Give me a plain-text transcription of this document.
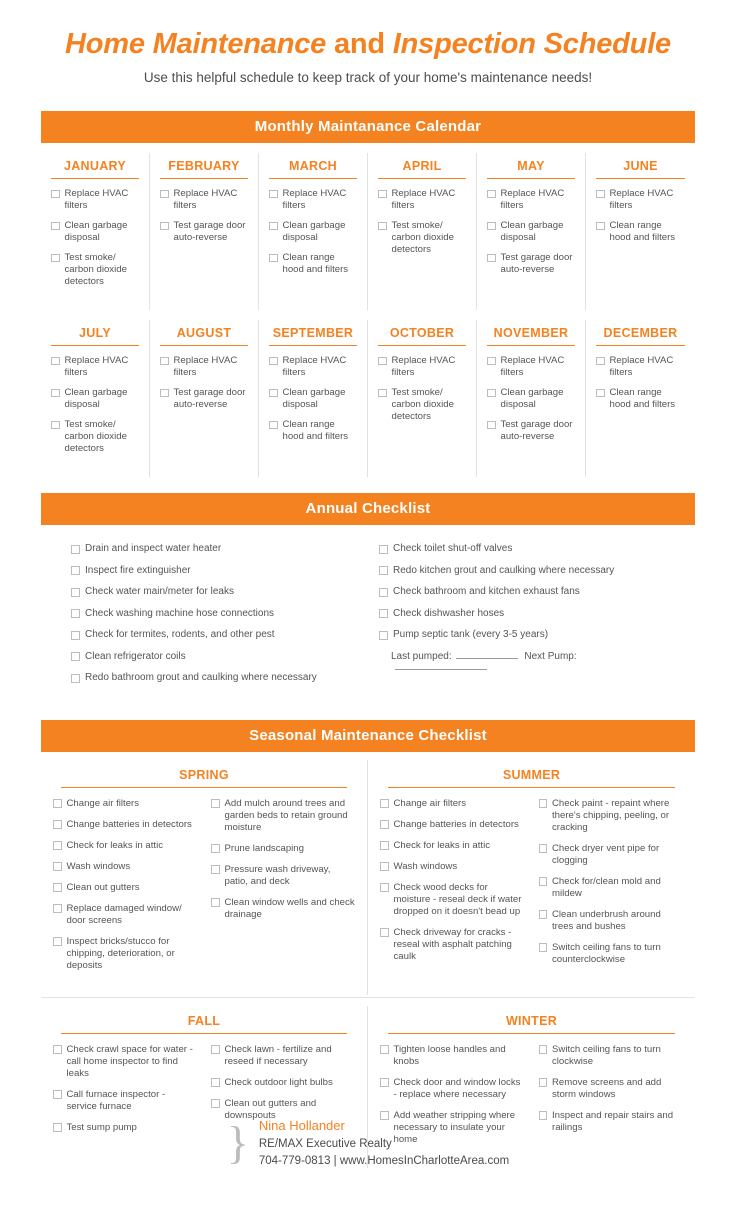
Home Maintenance and Inspection Schedule
Use this helpful schedule to keep track of your home's maintenance needs!
Monthly Maintanance Calendar
JANUARY
Replace HVAC filters
Clean garbage disposal
Test smoke/ carbon dioxide detectors
FEBRUARY
Replace HVAC filters
Test garage door auto-reverse
MARCH
Replace HVAC filters
Clean garbage disposal
Clean range hood and filters
APRIL
Replace HVAC filters
Test smoke/ carbon dioxide detectors
MAY
Replace HVAC filters
Clean garbage disposal
Test garage door auto-reverse
JUNE
Replace HVAC filters
Clean range hood and filters
JULY
Replace HVAC filters
Clean garbage disposal
Test smoke/ carbon dioxide detectors
AUGUST
Replace HVAC filters
Test garage door auto-reverse
SEPTEMBER
Replace HVAC filters
Clean garbage disposal
Clean range hood and filters
OCTOBER
Replace HVAC filters
Test smoke/ carbon dioxide detectors
NOVEMBER
Replace HVAC filters
Clean garbage disposal
Test garage door auto-reverse
DECEMBER
Replace HVAC filters
Clean range hood and filters
Annual Checklist
Drain and inspect water heater
Inspect fire extinguisher
Check water main/meter for leaks
Check washing machine hose connections
Check for termites, rodents, and other pest
Clean refrigerator coils
Redo bathroom grout and caulking where necessary
Check toilet shut-off valves
Redo kitchen grout and caulking where necessary
Check bathroom and kitchen exhaust fans
Check dishwasher hoses
Pump septic tank (every 3-5 years)
Last pumped:	Next Pump:
Seasonal Maintenance Checklist
SPRING
Change air filters
Change batteries in detectors
Check for leaks in attic
Wash windows
Clean out gutters
Replace damaged window/ door screens
Inspect bricks/stucco for chipping, deterioration, or deposits
Add mulch around trees and garden beds to retain ground moisture
Prune landscaping
Pressure wash driveway, patio, and deck
Clean window wells and check drainage
SUMMER
Change air filters
Change batteries in detectors
Check for leaks in attic
Wash windows
Check wood decks for moisture - reseal deck if water dropped on it doesn't bead up
Check driveway for cracks - reseal with asphalt patching caulk
Check paint - repaint where there's chipping, peeling, or cracking
Check dryer vent pipe for clogging
Check for/clean mold and mildew
Clean underbrush around trees and bushes
Switch ceiling fans to turn counterclockwise
FALL
Check crawl space for water - call home inspector to find leaks
Call furnace inspector - service furnace
Test sump pump
Check lawn - fertilize and reseed if necessary
Check outdoor light bulbs
Clean out gutters and downspouts
WINTER
Tighten loose handles and knobs
Check door and window locks - replace where necessary
Add weather stripping where necessary to insulate your home
Switch ceiling fans to turn clockwise
Remove screens and add storm windows
Inspect and repair stairs and railings
} Nina Hollander
RE/MAX Executive Realty
704-779-0813 | www.HomesInCharlotteArea.com
